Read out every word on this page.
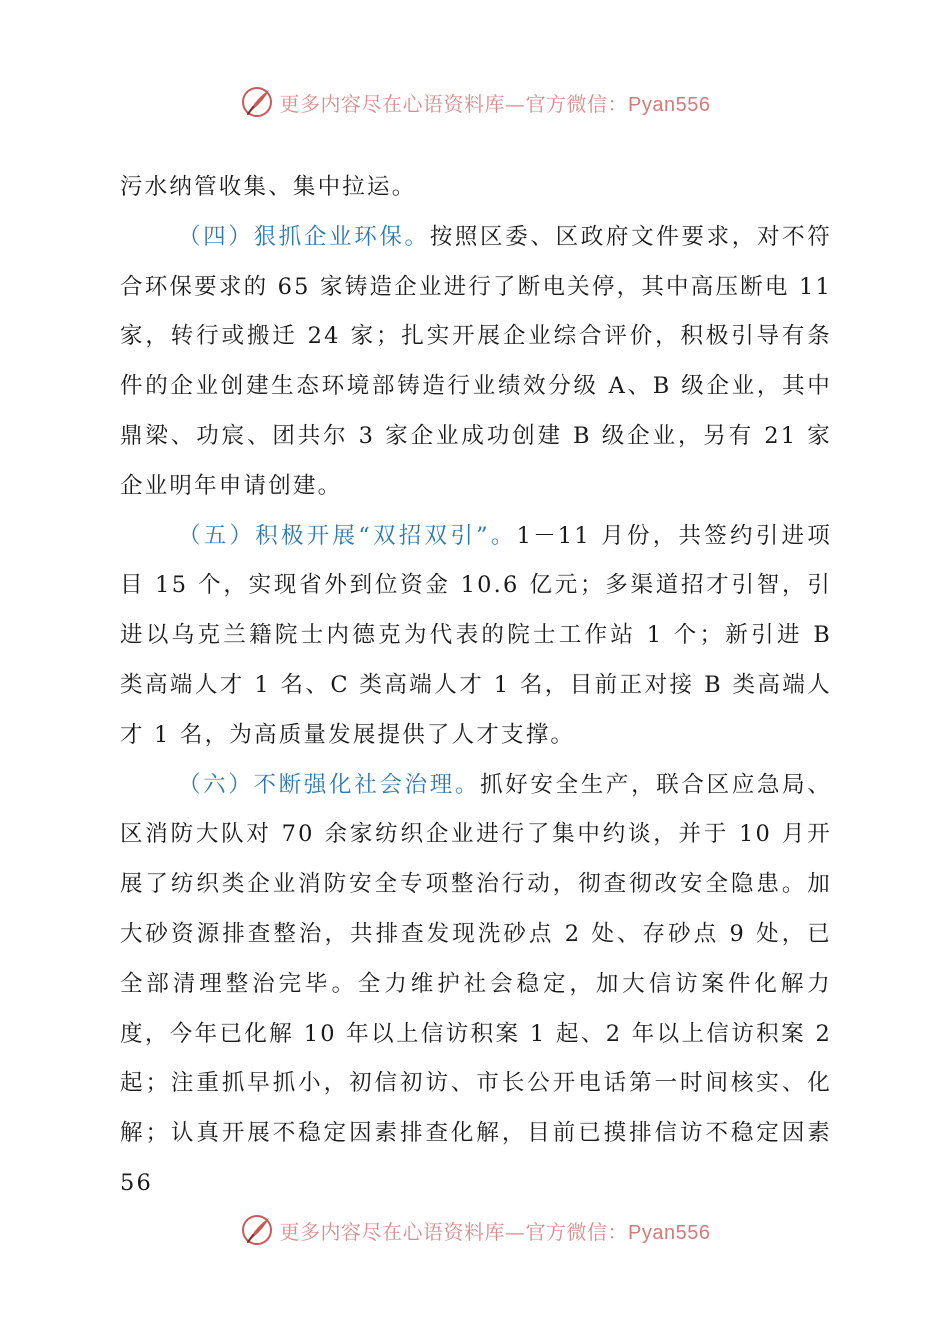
更多内容尽在心语资料库—官方微信：Pyan556

污水纳管收集、集中拉运。

（四）狠抓企业环保。按照区委、区政府文件要求，对不符合环保要求的 65 家铸造企业进行了断电关停，其中高压断电 11 家，转行或搬迁 24 家；扎实开展企业综合评价，积极引导有条件的企业创建生态环境部铸造行业绩效分级 A、B 级企业，其中鼎梁、功宸、团共尔 3 家企业成功创建 B 级企业，另有 21 家企业明年申请创建。

（五）积极开展“双招双引”。1－11 月份，共签约引进项目 15 个，实现省外到位资金 10.6 亿元；多渠道招才引智，引进以乌克兰籍院士内德克为代表的院士工作站 1 个；新引进 B 类高端人才 1 名、C 类高端人才 1 名，目前正对接 B 类高端人才 1 名，为高质量发展提供了人才支撑。

（六）不断强化社会治理。抓好安全生产，联合区应急局、区消防大队对 70 余家纺织企业进行了集中约谈，并于 10 月开展了纺织类企业消防安全专项整治行动，彻查彻改安全隐患。加大砂资源排查整治，共排查发现洗砂点 2 处、存砂点 9 处，已全部清理整治完毕。全力维护社会稳定，加大信访案件化解力度，今年已化解 10 年以上信访积案 1 起、2 年以上信访积案 2 起；注重抓早抓小，初信初访、市长公开电话第一时间核实、化解；认真开展不稳定因素排查化解，目前已摸排信访不稳定因素 56

更多内容尽在心语资料库—官方微信：Pyan556
